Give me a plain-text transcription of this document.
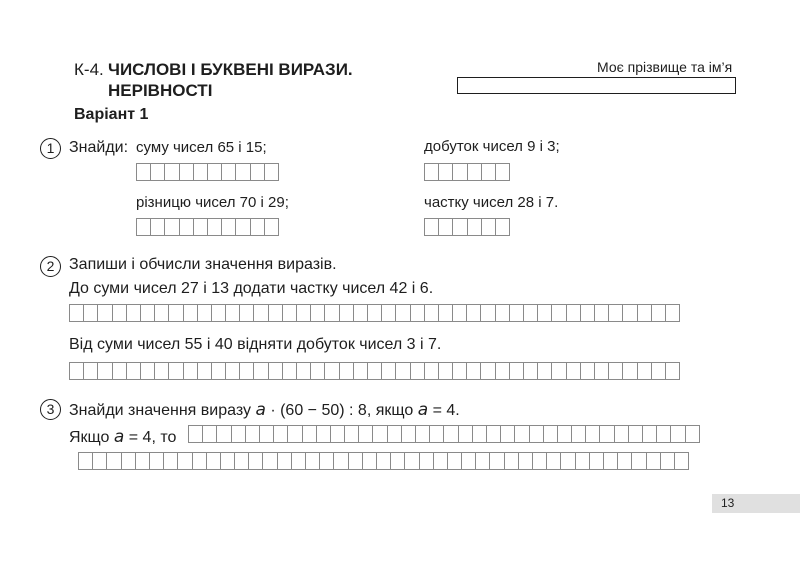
К-4. ЧИСЛОВІ І БУКВЕНІ ВИРАЗИ.
НЕРІВНОСТІ
Моє прізвище та ім’я
Варіант 1
1 Знайди: суму чисел 65 і 15;	добуток чисел 9 і 3;
різницю чисел 70 і 29;	частку чисел 28 і 7.
2 Запиши і обчисли значення виразів.
До суми чисел 27 і 13 додати частку чисел 42 і 6.
Від суми чисел 55 і 40 відняти добуток чисел 3 і 7.
3 Знайди значення виразу a · (60 − 50) : 8, якщо a = 4.
Якщо a = 4, то
13
